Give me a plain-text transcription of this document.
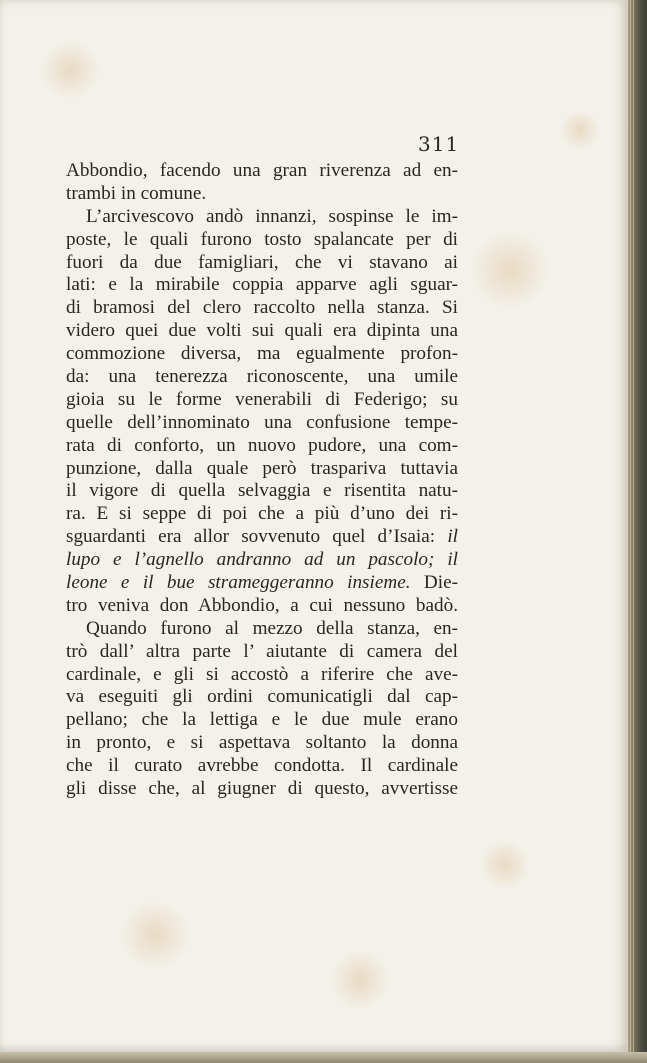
311
Abbondio, facendo una gran riverenza ad en-
trambi in comune.
L’arcivescovo andò innanzi, sospinse le im-
poste, le quali furono tosto spalancate per di
fuori da due famigliari, che vi stavano ai
lati: e la mirabile coppia apparve agli sguar-
di bramosi del clero raccolto nella stanza. Si
videro quei due volti sui quali era dipinta una
commozione diversa, ma egualmente profon-
da: una tenerezza riconoscente, una umile
gioia su le forme venerabili di Federigo; su
quelle dell’innominato una confusione tempe-
rata di conforto, un nuovo pudore, una com-
punzione, dalla quale però traspariva tuttavia
il vigore di quella selvaggia e risentita natu-
ra. E si seppe di poi che a più d’uno dei ri-
sguardanti era allor sovvenuto quel d’Isaia: il
lupo e l’agnello andranno ad un pascolo; il
leone e il bue strameggeranno insieme. Die-
tro veniva don Abbondio, a cui nessuno badò.
Quando furono al mezzo della stanza, en-
trò dall’ altra parte l’ aiutante di camera del
cardinale, e gli si accostò a riferire che ave-
va eseguiti gli ordini comunicatigli dal cap-
pellano; che la lettiga e le due mule erano
in pronto, e si aspettava soltanto la donna
che il curato avrebbe condotta. Il cardinale
gli disse che, al giugner di questo, avvertisse
